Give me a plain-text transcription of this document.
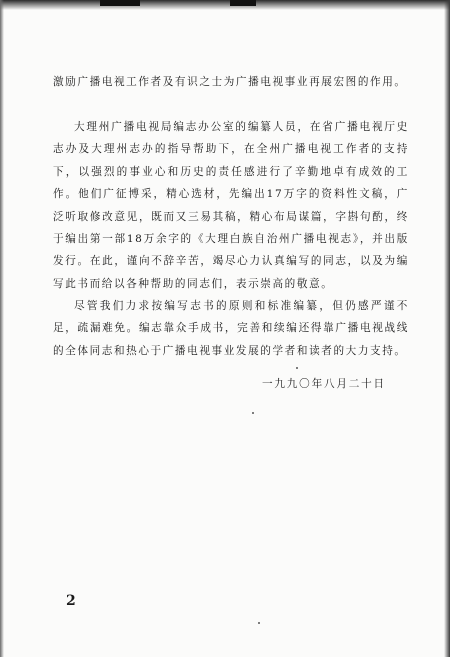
激励广播电视工作者及有识之士为广播电视事业再展宏图的作用。

大理州广播电视局编志办公室的编纂人员，在省广播电视厅史志办及大理州志办的指导帮助下，在全州广播电视工作者的支持下，以强烈的事业心和历史的责任感进行了辛勤地卓有成效的工作。他们广征博采，精心选材，先编出17万字的资料性文稿，广泛听取修改意见，既而又三易其稿，精心布局谋篇，字斟句酌，终于编出第一部18万余字的《大理白族自治州广播电视志》，并出版发行。在此，谨向不辞辛苦，竭尽心力认真编写的同志，以及为编写此书而给以各种帮助的同志们，表示崇高的敬意。

尽管我们力求按编写志书的原则和标准编纂，但仍感严谨不足，疏漏难免。编志靠众手成书，完善和续编还得靠广播电视战线的全体同志和热心于广播电视事业发展的学者和读者的大力支持。

一九九〇年八月二十日

2
